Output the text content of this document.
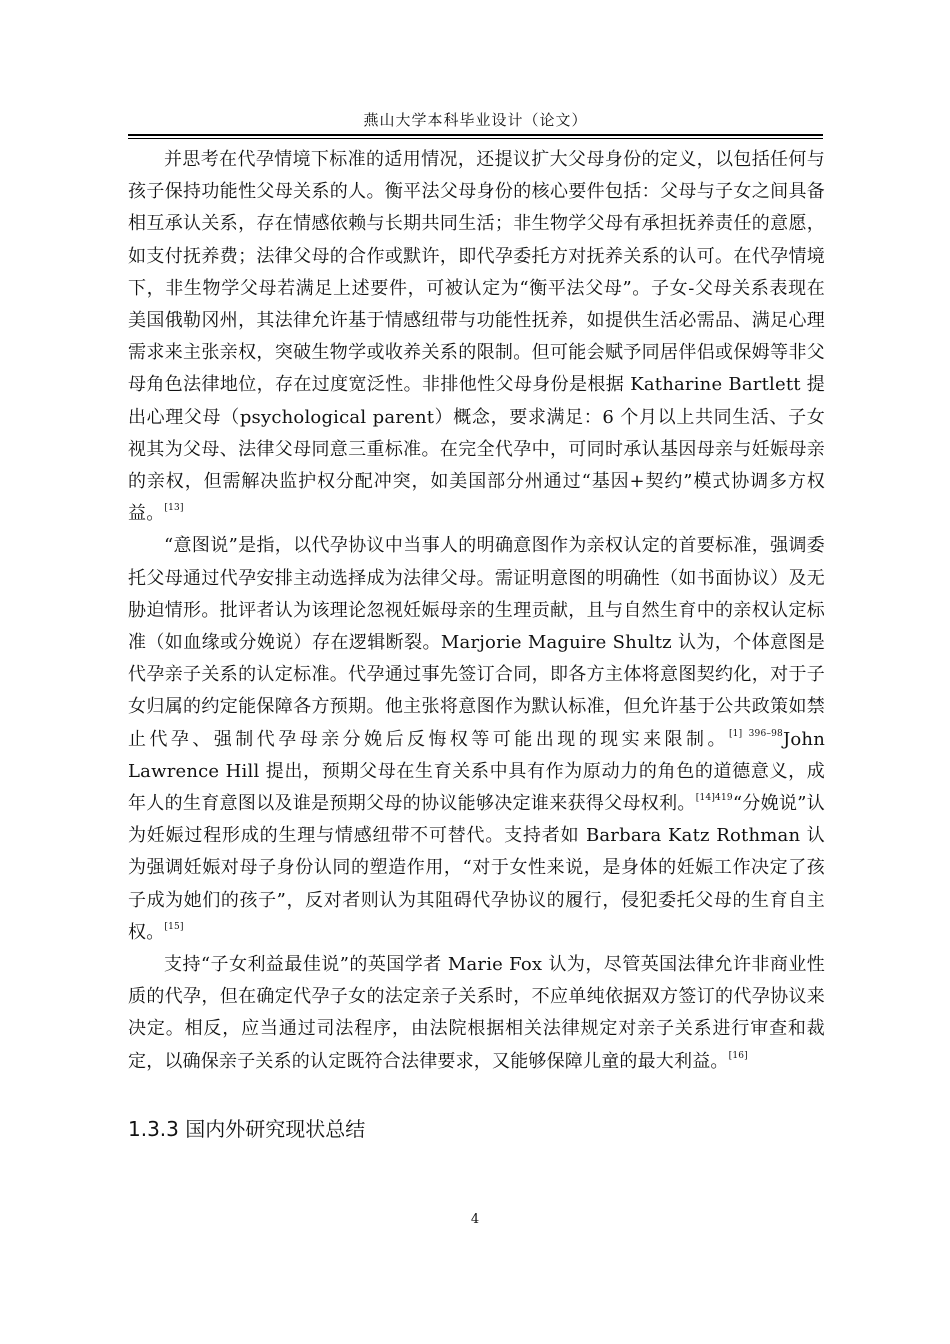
燕山大学本科毕业设计（论文）

并思考在代孕情境下标准的适用情况，还提议扩大父母身份的定义，以包括任何与孩子保持功能性父母关系的人。衡平法父母身份的核心要件包括：父母与子女之间具备相互承认关系，存在情感依赖与长期共同生活；非生物学父母有承担抚养责任的意愿，如支付抚养费；法律父母的合作或默许，即代孕委托方对抚养关系的认可。在代孕情境下，非生物学父母若满足上述要件，可被认定为“衡平法父母”。子女-父母关系表现在美国俄勒冈州，其法律允许基于情感纽带与功能性抚养，如提供生活必需品、满足心理需求来主张亲权，突破生物学或收养关系的限制。但可能会赋予同居伴侣或保姆等非父母角色法律地位，存在过度宽泛性。非排他性父母身份是根据 Katharine Bartlett 提出心理父母（psychological parent）概念，要求满足：6 个月以上共同生活、子女视其为父母、法律父母同意三重标准。在完全代孕中，可同时承认基因母亲与妊娠母亲的亲权，但需解决监护权分配冲突，如美国部分州通过“基因+契约”模式协调多方权益。[13]

“意图说”是指，以代孕协议中当事人的明确意图作为亲权认定的首要标准，强调委托父母通过代孕安排主动选择成为法律父母。需证明意图的明确性（如书面协议）及无胁迫情形。批评者认为该理论忽视妊娠母亲的生理贡献，且与自然生育中的亲权认定标准（如血缘或分娩说）存在逻辑断裂。Marjorie Maguire Shultz 认为，个体意图是代孕亲子关系的认定标准。代孕通过事先签订合同，即各方主体将意图契约化，对于子女归属的约定能保障各方预期。他主张将意图作为默认标准，但允许基于公共政策如禁止代孕、强制代孕母亲分娩后反悔权等可能出现的现实来限制。$^{[1] 396-98}$John Lawrence Hill 提出，预期父母在生育关系中具有作为原动力的角色的道德意义，成年人的生育意图以及谁是预期父母的协议能够决定谁来获得父母权利。$^{[14]419}$“分娩说”认为妊娠过程形成的生理与情感纽带不可替代。支持者如 Barbara Katz Rothman 认为强调妊娠对母子身份认同的塑造作用，“对于女性来说，是身体的妊娠工作决定了孩子成为她们的孩子”，反对者则认为其阻碍代孕协议的履行，侵犯委托父母的生育自主权。[15]

支持“子女利益最佳说”的英国学者 Marie Fox 认为，尽管英国法律允许非商业性质的代孕，但在确定代孕子女的法定亲子关系时，不应单纯依据双方签订的代孕协议来决定。相反，应当通过司法程序，由法院根据相关法律规定对亲子关系进行审查和裁定，以确保亲子关系的认定既符合法律要求，又能够保障儿童的最大利益。[16]

1.3.3 国内外研究现状总结
4
